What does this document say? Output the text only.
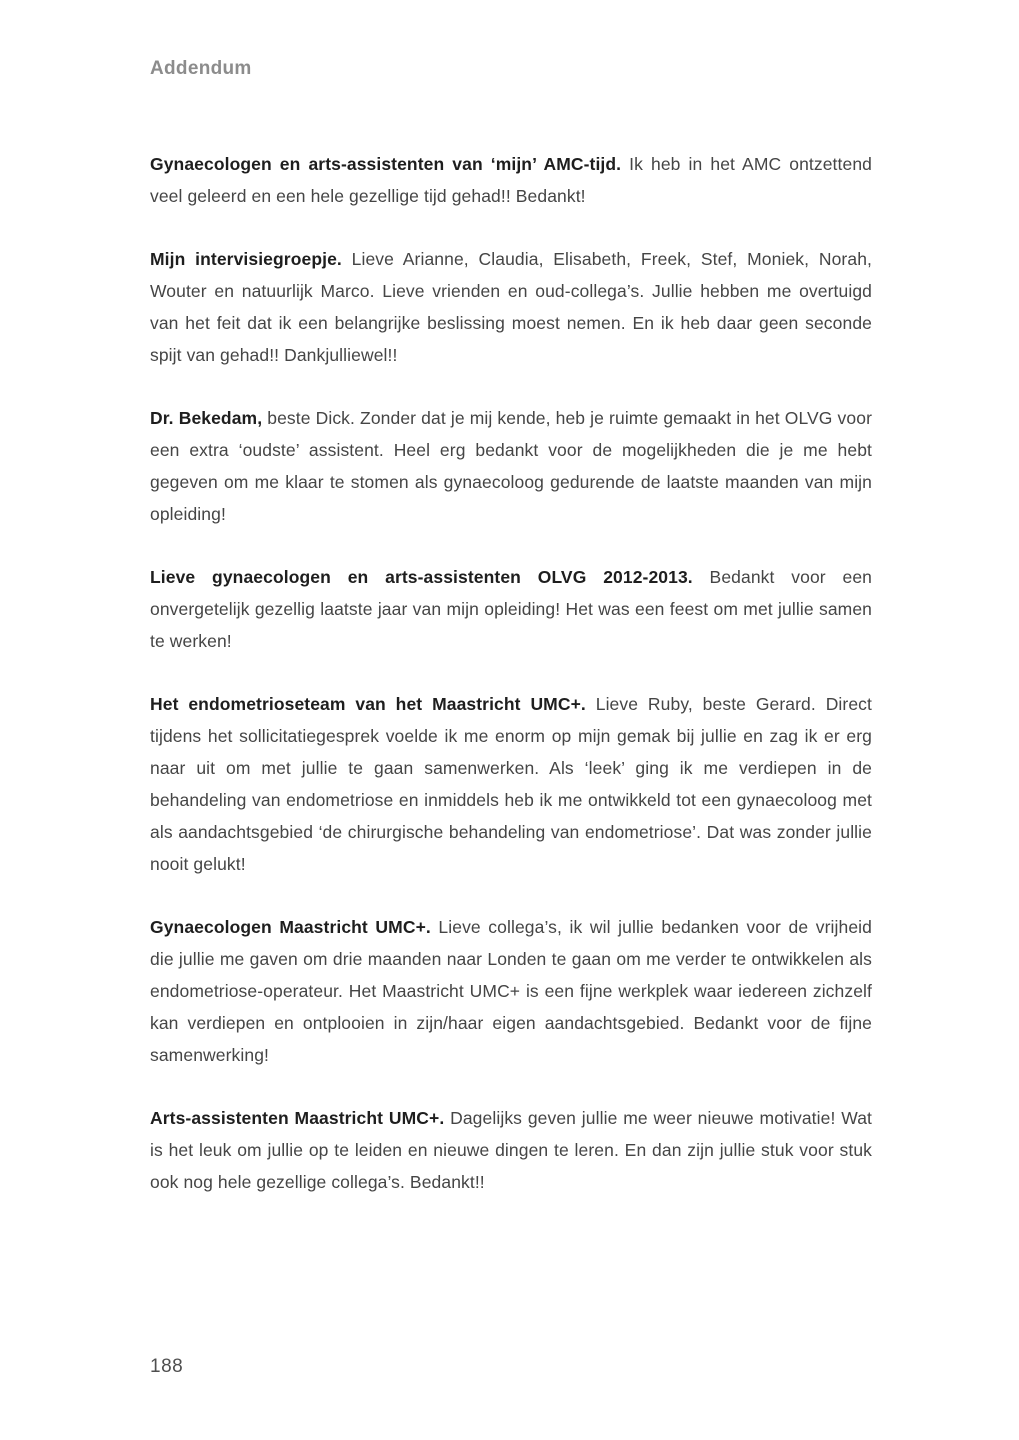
Addendum

Gynaecologen en arts-assistenten van ‘mijn’ AMC-tijd. Ik heb in het AMC ontzettend veel geleerd en een hele gezellige tijd gehad!! Bedankt!

Mijn intervisiegroepje. Lieve Arianne, Claudia, Elisabeth, Freek, Stef, Moniek, Norah, Wouter en natuurlijk Marco. Lieve vrienden en oud-collega’s. Jullie hebben me overtuigd van het feit dat ik een belangrijke beslissing moest nemen. En ik heb daar geen seconde spijt van gehad!! Dankjulliewel!!

Dr. Bekedam, beste Dick. Zonder dat je mij kende, heb je ruimte gemaakt in het OLVG voor een extra ‘oudste’ assistent. Heel erg bedankt voor de mogelijkheden die je me hebt gegeven om me klaar te stomen als gynaecoloog gedurende de laatste maanden van mijn opleiding!

Lieve gynaecologen en arts-assistenten OLVG 2012-2013. Bedankt voor een onvergetelijk gezellig laatste jaar van mijn opleiding! Het was een feest om met jullie samen te werken!

Het endometrioseteam van het Maastricht UMC+. Lieve Ruby, beste Gerard. Direct tijdens het sollicitatiegesprek voelde ik me enorm op mijn gemak bij jullie en zag ik er erg naar uit om met jullie te gaan samenwerken. Als ‘leek’ ging ik me verdiepen in de behandeling van endometriose en inmiddels heb ik me ontwikkeld tot een gynaecoloog met als aandachtsgebied ‘de chirurgische behandeling van endometriose’. Dat was zonder jullie nooit gelukt!

Gynaecologen Maastricht UMC+. Lieve collega’s, ik wil jullie bedanken voor de vrijheid die jullie me gaven om drie maanden naar Londen te gaan om me verder te ontwikkelen als endometriose-operateur. Het Maastricht UMC+ is een fijne werkplek waar iedereen zichzelf kan verdiepen en ontplooien in zijn/haar eigen aandachtsgebied. Bedankt voor de fijne samenwerking!

Arts-assistenten Maastricht UMC+. Dagelijks geven jullie me weer nieuwe motivatie! Wat is het leuk om jullie op te leiden en nieuwe dingen te leren. En dan zijn jullie stuk voor stuk ook nog hele gezellige collega’s. Bedankt!!

188
